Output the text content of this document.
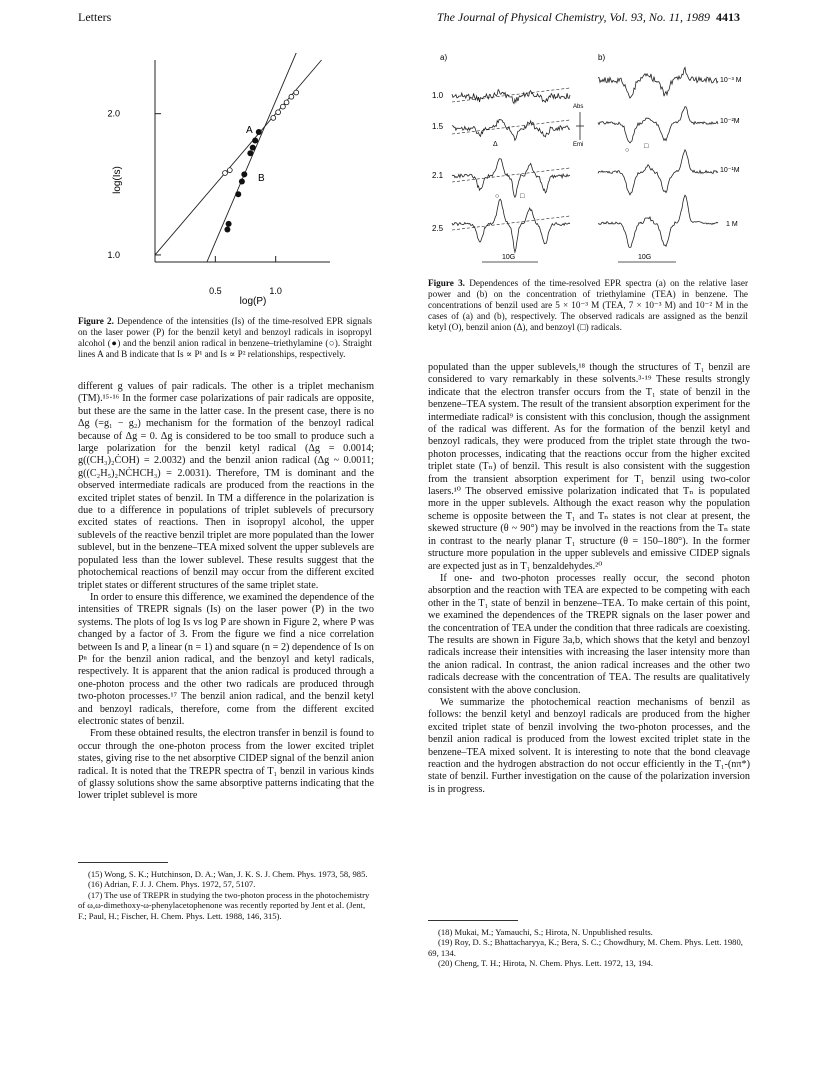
Letters	The Journal of Physical Chemistry, Vol. 93, No. 11, 1989 4413
log(Is)
log(P)
2.0
1.0
0.5	1.0
A
B
Figure 2. Dependence of the intensities (Is) of the time-resolved EPR signals on the laser power (P) for the benzil ketyl and benzoyl radicals in isopropyl alcohol (●) and the benzil anion radical in benzene–triethylamine (○). Straight lines A and B indicate that Is ∝ P¹ and Is ∝ P² relationships, respectively.
a)	b)
1.0
1.5
2.1
2.5
10⁻³ M
10⁻²M
10⁻¹M
1 M
Abs
Emi
10G	10G
Δ
○	□
○
□
Figure 3. Dependences of the time-resolved EPR spectra (a) on the relative laser power and (b) on the concentration of triethylamine (TEA) in benzene. The concentrations of benzil used are 5 × 10⁻³ M (TEA, 7 × 10⁻³ M) and 10⁻² M in the cases of (a) and (b), respectively. The observed radicals are assigned as the benzil ketyl (O), benzil anion (Δ), and benzoyl (□) radicals.

different g values of pair radicals. The other is a triplet mechanism (TM).¹⁵·¹⁶ In the former case polarizations of pair radicals are opposite, but these are the same in the latter case. In the present case, there is no Δg (=g₁ − g₂) mechanism for the formation of the benzoyl radical because of Δg = 0. Δg is considered to be too small to produce such a large polarization for the benzil ketyl radical (Δg = 0.0014; g((CH₃)₂ĊOH) = 2.0032) and the benzil anion radical (Δg ~ 0.0011; g((C₂H₅)₂NĊHCH₃) = 2.0031). Therefore, TM is dominant and the observed intermediate radicals are produced from the reactions in the excited triplet states of benzil. In TM a difference in the polarization is due to a difference in populations of triplet sublevels of precursory excited states of reactions. Then in isopropyl alcohol, the upper sublevels of the reactive benzil triplet are more populated than the lower sublevel, but in the benzene–TEA mixed solvent the upper sublevels are populated less than the lower sublevel. These results suggest that the photochemical reactions of benzil may occur from the different excited triplet states or different structures of the same triplet state.

In order to ensure this difference, we examined the dependence of the intensities of TREPR signals (Is) on the laser power (P) in the two systems. The plots of log Is vs log P are shown in Figure 2, where P was changed by a factor of 3. From the figure we find a nice correlation between Is and P, a linear (n = 1) and square (n = 2) dependence of Is on Pⁿ for the benzil anion radical, and the benzoyl and ketyl radicals, respectively. It is apparent that the anion radical is produced through a one-photon process and the other two radicals are produced through two-photon processes.¹⁷ The benzil anion radical, and the benzil ketyl and benzoyl radicals, therefore, come from the different excited electronic states of benzil.

From these obtained results, the electron transfer in benzil is found to occur through the one-photon process from the lower excited triplet states, giving rise to the net absorptive CIDEP signal of the benzil anion radical. It is noted that the TREPR spectra of T₁ benzil in various kinds of glassy solutions show the same absorptive patterns indicating that the lower triplet sublevel is more

populated than the upper sublevels,¹⁸ though the structures of T₁ benzil are considered to vary remarkably in these solvents.³·¹⁹ These results strongly indicate that the electron transfer occurs from the T₁ state of benzil in the benzene–TEA system. The result of the transient absorption experiment for the intermediate radical⁹ is consistent with this conclusion, though the assignment of the radical was different. As for the formation of the benzil ketyl and benzoyl radicals, they were produced from the triplet state through the two-photon processes, indicating that the reactions occur from the higher excited triplet state (Tₙ) of benzil. This result is also consistent with the suggestion from the transient absorption experiment for T₁ benzil using two-color lasers.¹⁰ The observed emissive polarization indicated that Tₙ is populated more in the upper sublevels. Although the exact reason why the population scheme is opposite between the T₁ and Tₙ states is not clear at present, the skewed structure (θ ~ 90°) may be involved in the reactions from the Tₙ state in contrast to the nearly planar T₁ structure (θ = 150–180°). In the former structure more population in the upper sublevels and emissive CIDEP signals are expected just as in T₁ benzaldehydes.²⁰

If one- and two-photon processes really occur, the second photon absorption and the reaction with TEA are expected to be competing with each other in the T₁ state of benzil in benzene–TEA. To make certain of this point, we examined the dependences of the TREPR signals on the laser power and the concentration of TEA under the condition that three radicals are coexisting. The results are shown in Figure 3a,b, which shows that the ketyl and benzoyl radicals increase their intensities with increasing the laser intensity more than the anion radical. In contrast, the anion radical increases and the other two radicals decrease with the concentration of TEA. The results are qualitatively consistent with the above conclusion.

We summarize the photochemical reaction mechanisms of benzil as follows: the benzil ketyl and benzoyl radicals are produced from the higher excited triplet state of benzil involving the two-photon processes, and the benzil anion radical is produced from the lowest excited triplet state in the benzene–TEA mixed solvent. It is interesting to note that the bond cleavage reaction and the hydrogen abstraction do not occur efficiently in the T₁-(nπ*) state of benzil. Further investigation on the cause of the polarization inversion is in progress.

(15) Wong, S. K.; Hutchinson, D. A.; Wan, J. K. S. J. Chem. Phys. 1973, 58, 985.
(16) Adrian, F. J. J. Chem. Phys. 1972, 57, 5107.
(17) The use of TREPR in studying the two-photon process in the photochemistry of ω,ω-dimethoxy-ω-phenylacetophenone was recently reported by Jent et al. (Jent, F.; Paul, H.; Fischer, H. Chem. Phys. Lett. 1988, 146, 315).
(18) Mukai, M.; Yamauchi, S.; Hirota, N. Unpublished results.
(19) Roy, D. S.; Bhattacharyya, K.; Bera, S. C.; Chowdhury, M. Chem. Phys. Lett. 1980, 69, 134.
(20) Cheng, T. H.; Hirota, N. Chem. Phys. Lett. 1972, 13, 194.
